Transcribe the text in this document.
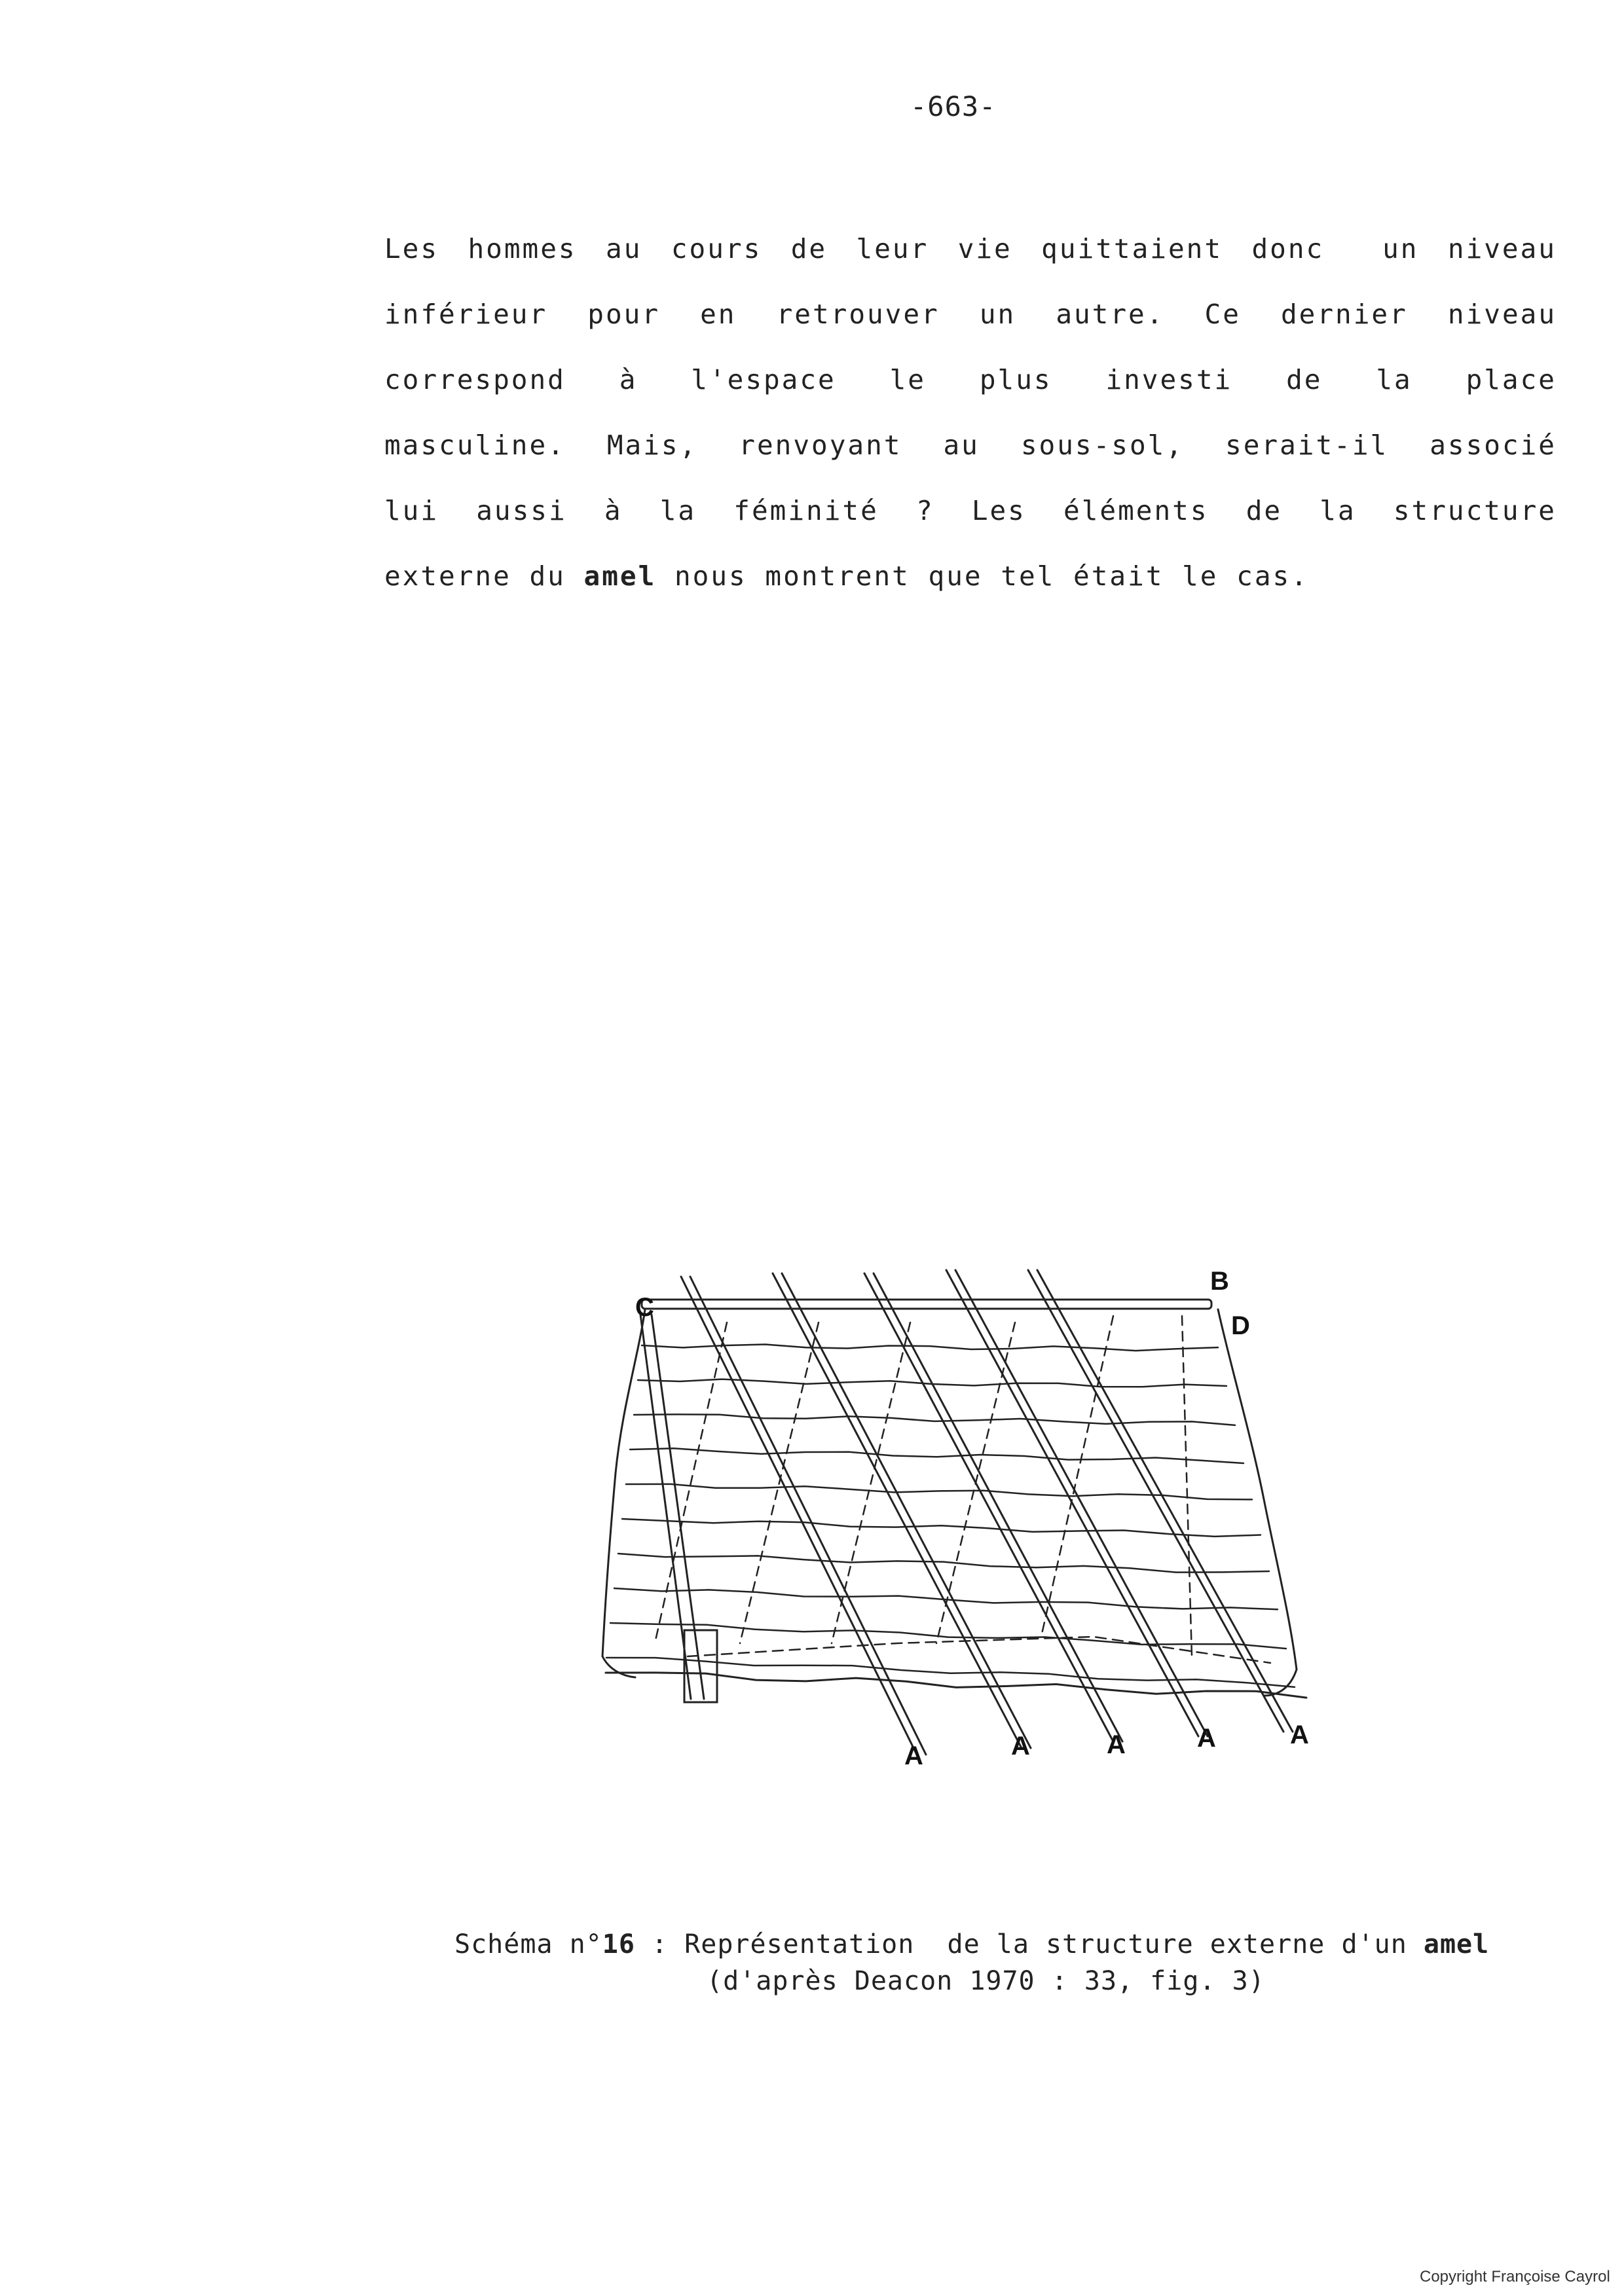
-663-
Les hommes au cours de leur vie quittaient donc  un niveau
inférieur pour en retrouver un autre. Ce dernier niveau
correspond à l'espace le plus investi de la place
masculine. Mais, renvoyant au sous-sol, serait-il associé
lui aussi à la féminité ? Les éléments de la structure
externe du amel nous montrent que tel était le cas.
C
B
D
A	A	A	A	A
Schéma n°16 : Représentation  de la structure externe d'un amel
(d'après Deacon 1970 : 33, fig. 3)
Copyright Françoise Cayrol
